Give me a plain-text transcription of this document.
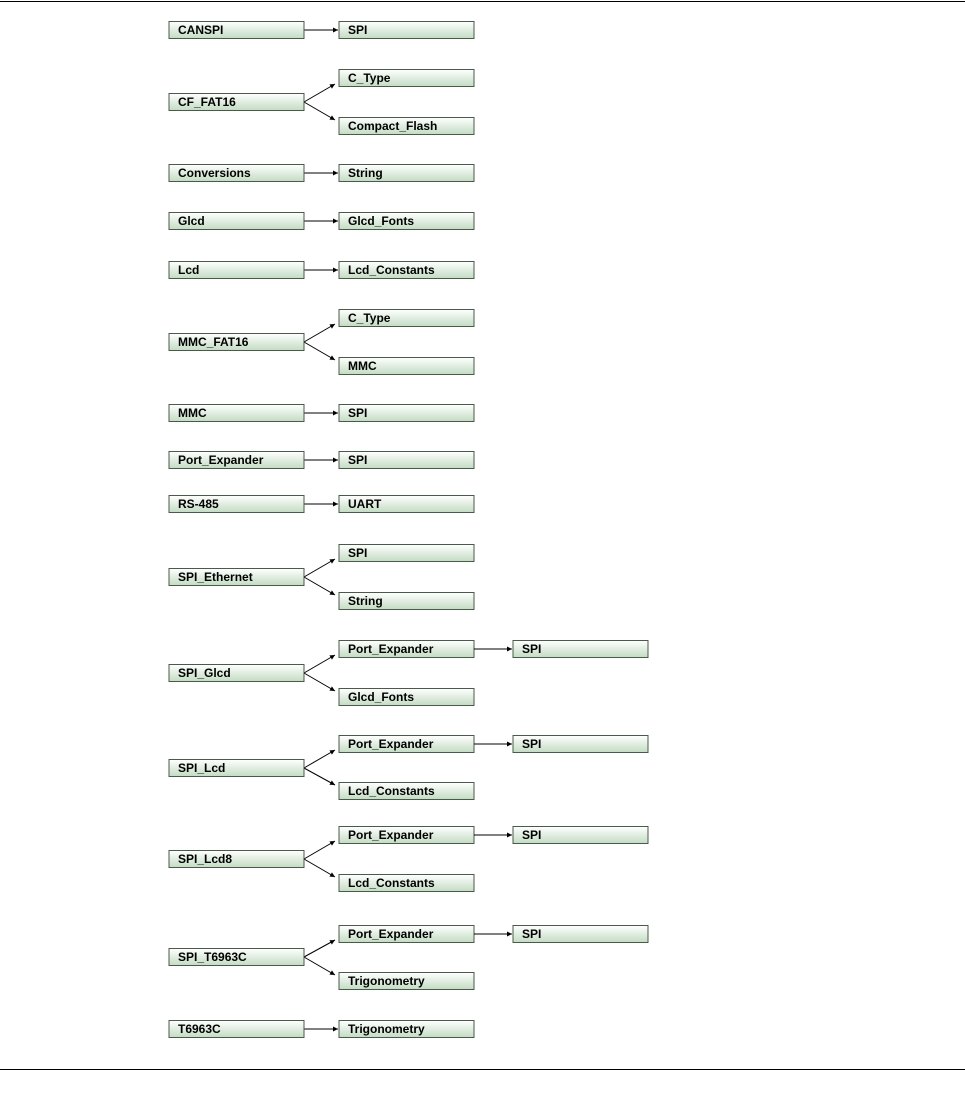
SPI
CANSPI
C_Type
Compact_Flash
CF_FAT16
String
Conversions
Glcd_Fonts
Glcd
Lcd_Constants
Lcd
C_Type
MMC
MMC_FAT16
SPI
MMC
SPI
Port_Expander
UART
RS-485
SPI
String
SPI_Ethernet
Port_Expander	SPI
Glcd_Fonts
SPI_Glcd
Port_Expander	SPI
Lcd_Constants
SPI_Lcd
Port_Expander	SPI
Lcd_Constants
SPI_Lcd8
Port_Expander	SPI
Trigonometry
SPI_T6963C
Trigonometry
T6963C
